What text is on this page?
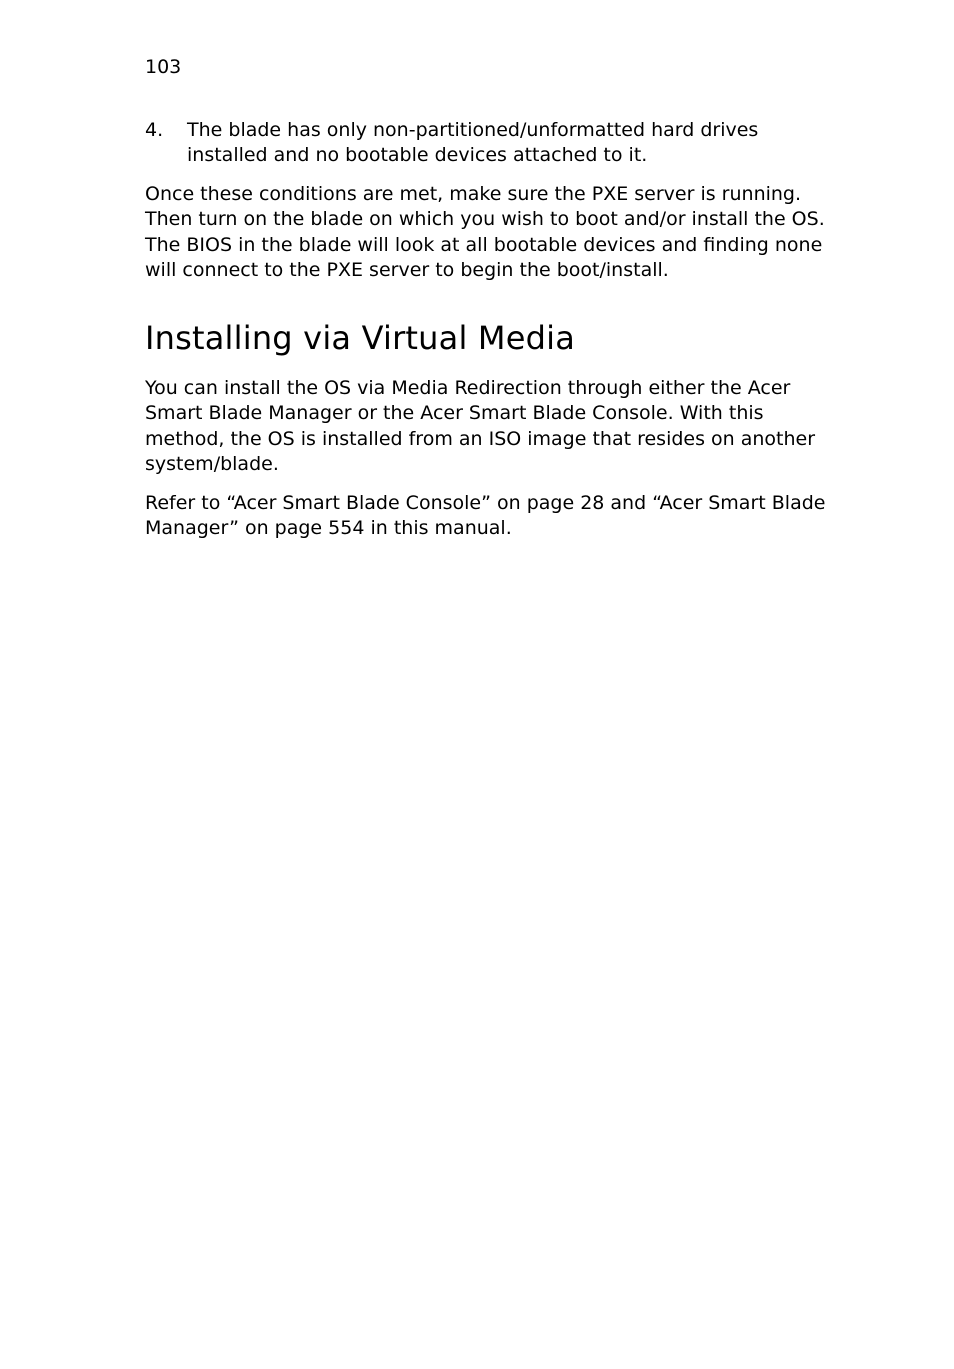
103
4.	The blade has only non-partitioned/unformatted hard drives installed and no bootable devices attached to it.

Once these conditions are met, make sure the PXE server is running. Then turn on the blade on which you wish to boot and/or install the OS. The BIOS in the blade will look at all bootable devices and finding none will connect to the PXE server to begin the boot/install.

Installing via Virtual Media

You can install the OS via Media Redirection through either the Acer Smart Blade Manager or the Acer Smart Blade Console. With this method, the OS is installed from an ISO image that resides on another system/blade.

Refer to “Acer Smart Blade Console” on page 28 and “Acer Smart Blade Manager” on page 554 in this manual.
